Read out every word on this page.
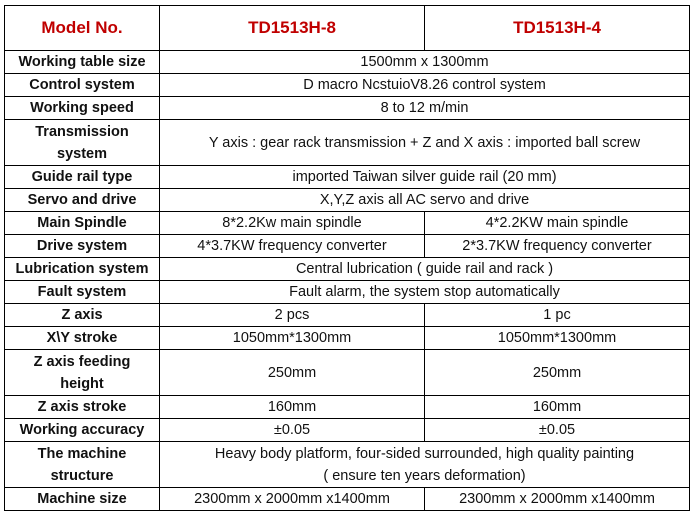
Model No.	TD1513H-8	TD1513H-4
Working table size	1500mm x 1300mm	
Control system	D macro NcstuioV8.26 control system	
Working speed	8 to 12 m/min	

Transmission
system	Y axis : gear rack transmission + Z and X axis : imported ball screw	
Guide rail type	imported Taiwan silver guide rail (20 mm)	
Servo and drive	X,Y,Z axis all AC servo and drive	
Main Spindle	8*2.2Kw main spindle	4*2.2KW main spindle
Drive system	4*3.7KW frequency converter	2*3.7KW frequency converter
Lubrication system	Central lubrication ( guide rail and rack )	
Fault system	Fault alarm, the system stop automatically	
Z axis	2 pcs	1 pc
X\Y stroke	1050mm*1300mm	1050mm*1300mm

Z axis feeding
height	250mm	250mm
Z axis stroke	160mm	160mm
Working accuracy	±0.05	±0.05

The machine
structure	Heavy body platform, four-sided surrounded, high quality painting
( ensure ten years deformation)	

Machine size	2300mm x 2000mm x1400mm	2300mm x 2000mm x1400mm
